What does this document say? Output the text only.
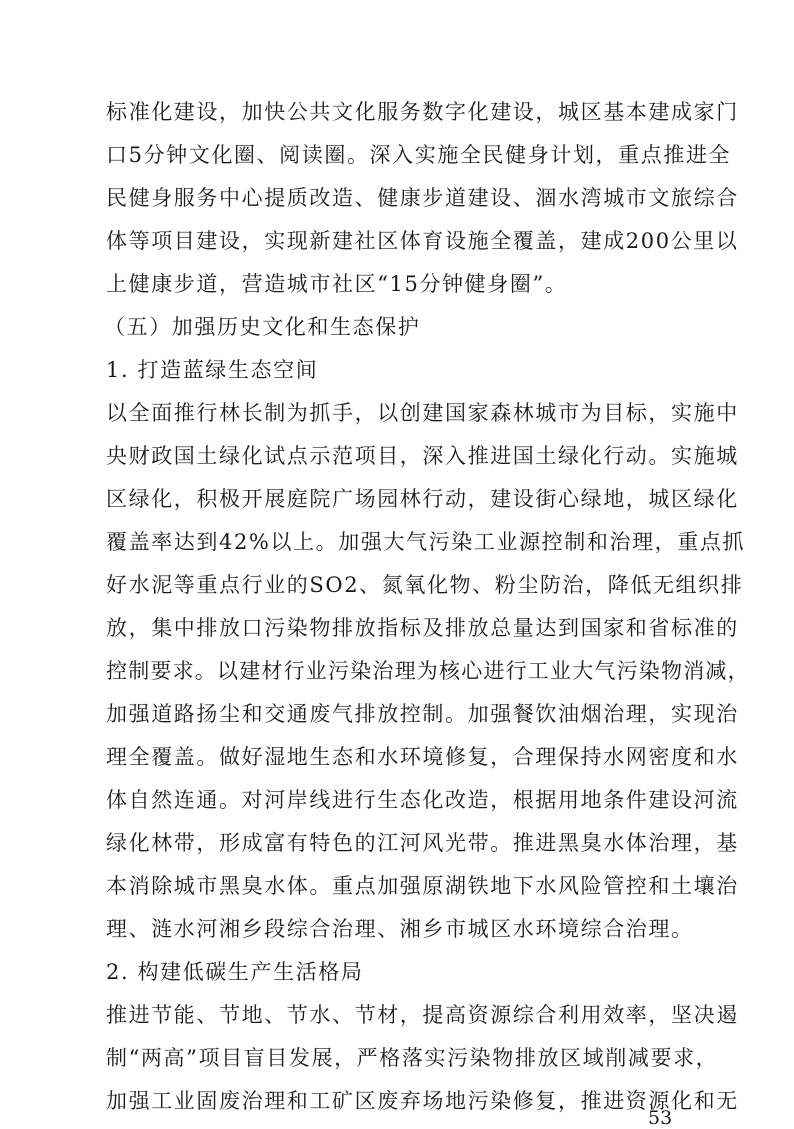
标准化建设，加快公共文化服务数字化建设，城区基本建成家门
口5分钟文化圈、阅读圈。深入实施全民健身计划，重点推进全
民健身服务中心提质改造、健康步道建设、涸水湾城市文旅综合
体等项目建设，实现新建社区体育设施全覆盖，建成200公里以
上健康步道，营造城市社区“15分钟健身圈”。
（五）加强历史文化和生态保护
1. 打造蓝绿生态空间
以全面推行林长制为抓手，以创建国家森林城市为目标，实施中
央财政国土绿化试点示范项目，深入推进国土绿化行动。实施城
区绿化，积极开展庭院广场园林行动，建设街心绿地，城区绿化
覆盖率达到42%以上。加强大气污染工业源控制和治理，重点抓
好水泥等重点行业的SO2、氮氧化物、粉尘防治，降低无组织排
放，集中排放口污染物排放指标及排放总量达到国家和省标准的
控制要求。以建材行业污染治理为核心进行工业大气污染物消减，
加强道路扬尘和交通废气排放控制。加强餐饮油烟治理，实现治
理全覆盖。做好湿地生态和水环境修复，合理保持水网密度和水
体自然连通。对河岸线进行生态化改造，根据用地条件建设河流
绿化林带，形成富有特色的江河风光带。推进黑臭水体治理，基
本消除城市黑臭水体。重点加强原湖铁地下水风险管控和土壤治
理、涟水河湘乡段综合治理、湘乡市城区水环境综合治理。
2. 构建低碳生产生活格局
推进节能、节地、节水、节材，提高资源综合利用效率，坚决遏
制“两高”项目盲目发展，严格落实污染物排放区域削减要求，
加强工业固废治理和工矿区废弃场地污染修复，推进资源化和无
53
